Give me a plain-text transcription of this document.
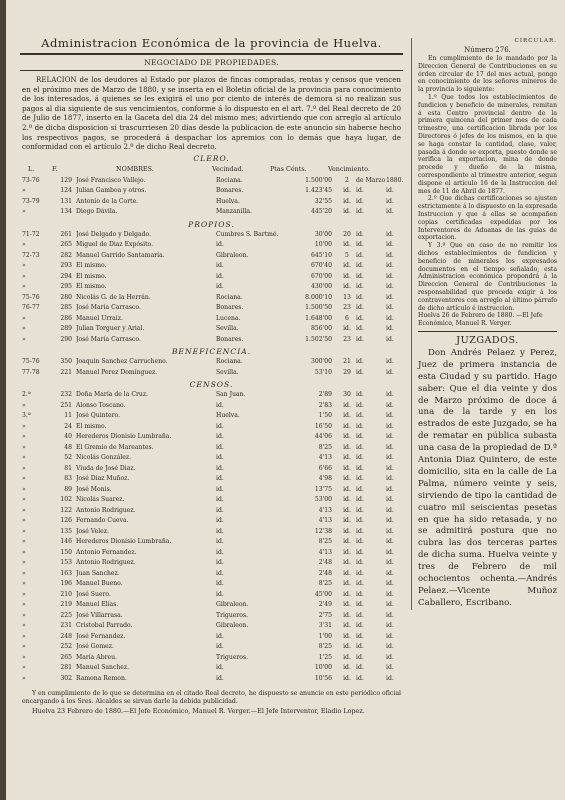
Administracion Económica de la provincia de Huelva.
NEGOCIADO DE PROPIEDADES.

RELACION de los deudores al Estado por plazos de fincas compradas, rentas y censos que vencen en el próximo mes de Marzo de 1880, y se inserta en el Boletin oficial de la provincia para conocimiento de los interesados, á quienes se les exigirá el uno por ciento de interés de demora si no realizan sus pagos al dia siguiente de sus vencimientos, conforme á lo dispuesto en el art. 7.º del Real decreto de 20 de Julio de 1877, inserto en la Gaceta del dia 24 del mismo mes; advirtiendo que con arreglo al artículo 2.º de dicha disposicion si trascurriesen 20 dias desde la publicacion de este anuncio sin haberse hecho los respectivos pagos, se procederá á despachar los apremios con lo demás que haya lugar, de conformidad con el artículo 2.º de dicho Real decreto.

CLERO.
L.	F.	NOMBRES.	Vecindad.	Ptas Cénts.	Vencimiento.
73-76	129	José Francisco Vallejo.	Rociana.	1.500'00	2	de Marzo	1880.
»	124	Julian Gamboa y otros.	Bonares.	1.423'45	id.	id.	id.
73-79	131	Antonio de la Corte.	Huelva.	32'55	id.	id.	id.
»	134	Diego Dávila.	Manzanilla.	445'20	id.	id.	id.
PROPIOS.
71-72	261	José Delgado y Delgado.	Cumbres S. Bartmé.	30'00	20	id.	id.
»	265	Miguel de Diaz Expósito.	id.	10'00	id.	id.	id.
72-73	282	Manuel Garrido Santamaría.	Gibraleon.	645'10	5	id.	id.
»	293	El mismo.	id.	670'40	id.	id.	id.
»	294	El mismo.	id.	670'00	id.	id.	id.
»	295	El mismo.	id.	430'00	id.	id.	id.
75-76	280	Nicolás G. de la Herrán.	Rociana.	8.000'10	13	id.	id.
76-77	285	José María Carrasco.	Bonares.	1.500'50	23	id.	id.
»	286	Manuel Urraiz.	Lucena.	1.648'00	6	id.	id.
»	289	Julian Torguer y Arial.	Sevilla.	856'00	id.	id.	id.
»	290	José María Carrasco.	Bonares.	1.502'50	23	id.	id.
BENEFICENCIA.
75-76	350	Joaquin Sanchez Carrucheno.	Rociana.	300'00	21	id.	id.
77-78	221	Manuel Perez Domínguez.	Sevilla.	53'10	29	id.	id.
CENSOS.
2.ª	232	Doña María de la Cruz.	San Juan.	2'89	30	id.	id.
»	251	Alonso Toscano.	id.	2'83	id.	id.	id.
3.ª	11	José Quintero.	Huelva.	1'50	id.	id.	id.
»	24	El mismo.	id.	16'50	id.	id.	id.
»	40	Herederos Dionisio Lumbraña.	id.	44'06	id.	id.	id.
»	48	El Gremio de Mareantes.	id.	8'25	id.	id.	id.
»	52	Nicolás González.	id.	4'13	id.	id.	id.
»	81	Viuda de José Diaz.	id.	6'66	id.	id.	id.
»	83	José Diaz Muñoz.	id.	4'98	id.	id.	id.
»	89	José Monis.	id.	13'75	id.	id.	id.
»	102	Nicolás Suarez.	id.	53'00	id.	id.	id.
»	122	Antonio Rodriguez.	id.	4'13	id.	id.	id.
»	126	Fernando Cueva.	id.	4'13	id.	id.	id.
»	135	José Velez.	id.	12'38	id.	id.	id.
»	146	Herederos Dionisio Lumbraña.	id.	8'25	id.	id.	id.
»	150	Antonio Fernandez.	id.	4'13	id.	id.	id.
»	153	Antonio Rodriguez.	id.	2'48	id.	id.	id.
»	163	Juan Sanchez.	id.	2'48	id.	id.	id.
»	196	Manuel Bueno.	id.	8'25	id.	id.	id.
»	210	José Suero.	id.	45'00	id.	id.	id.
»	219	Manuel Elías.	Gibraleon.	2'49	id.	id.	id.
»	225	José Villarrasa.	Trigueros.	2'75	id.	id.	id.
»	231	Cristobal Parrado.	Gibraleon.	3'31	id.	id.	id.
»	248	José Fernandez.	id.	1'00	id.	id.	id.
»	252	José Gomez.	id.	8'25	id.	id.	id.
»	265	María Abreu.	Trigueros.	1'25	id.	id.	id.
»	281	Manuel Sanchez.	id.	10'00	id.	id.	id.
»	302	Ramona Remon.	id.	10'56	id.	id.	id.

Y en cumplimiento de lo que se determina en el citado Real decreto, he dispuesto se anuncie en este periódico oficial encargando á los Sres. Alcaldes se sirvan darle la debida publicidad.

Huelva 23 Febrero de 1880.—El Jefe Económico, Manuel R. Verger.—El Jefe Interventor, Eladio Lopez.

CIRCULAR.
Número 276.

En cumplimiento de lo mandado por la Direccion General de Contribuciones en su órden circular de 17 del mes actual, pongo en conocimiento de los señores mineros de la provincia lo siguiente:

1.º Que todos los establecimientos de fundicion y beneficio de minerales, remitan á esta Centro provincial dentro de la primera quincena del primer mes de cada trimestre, una certificacion librada por los Directores ó jefes de los mismos, en la que se haga constar la cantidad, clase, valor, pasada á donde se exporta, puesto donde se verifica la exportacion, mina de donde procede y dueño de la misma, correspondiente al trimestre anterior, segun dispone el artículo 16 de la Instruccion del mes de 11 de Abril de 1877.

2.º Que dichas certificaciones se ajusten estrictamente á lo dispuesto en la expresada Instruccion y que á ellas se acompañen copias certificadas expedidas por los Interventores de Aduanas de las guias de exportacion.

Y 3.º Que en caso de no remitir los dichos establecimientos de fundicion y beneficio de minerales los expresados documentos en el tiempo señalado, esta Administracion económica propondrá á la Direccion General de Contribuciones la responsabilidad que proceda exigir á los contraventores con arreglo al último párrafo de dicho artículo é instruccion.

Huelva 26 de Febrero de 1880. —El Jefe Económico, Manuel R. Verger.

JUZGADOS.

Don Andrés Pelaez y Perez, Juez de primera instancia de esta Ciudad y su partido. Hago saber: Que el dia veinte y dos de Marzo próximo de doce á una de la tarde y en los estrados de este Juzgado, se ha de rematar en pública subasta una casa de la propiedad de D.ª Antonia Diaz Quintero, de este domicilio, sita en la calle de La Palma, número veinte y seis, sirviendo de tipo la cantidad de cuatro mil seiscientas pesetas en que ha sido retasada, y no se admitirá postura que no cubra las dos terceras partes de dicha suma. Huelva veinte y tres de Febrero de mil ochocientos ochenta.—Andrés Pelaez.—Vicente Muñoz Caballero, Escribano.
